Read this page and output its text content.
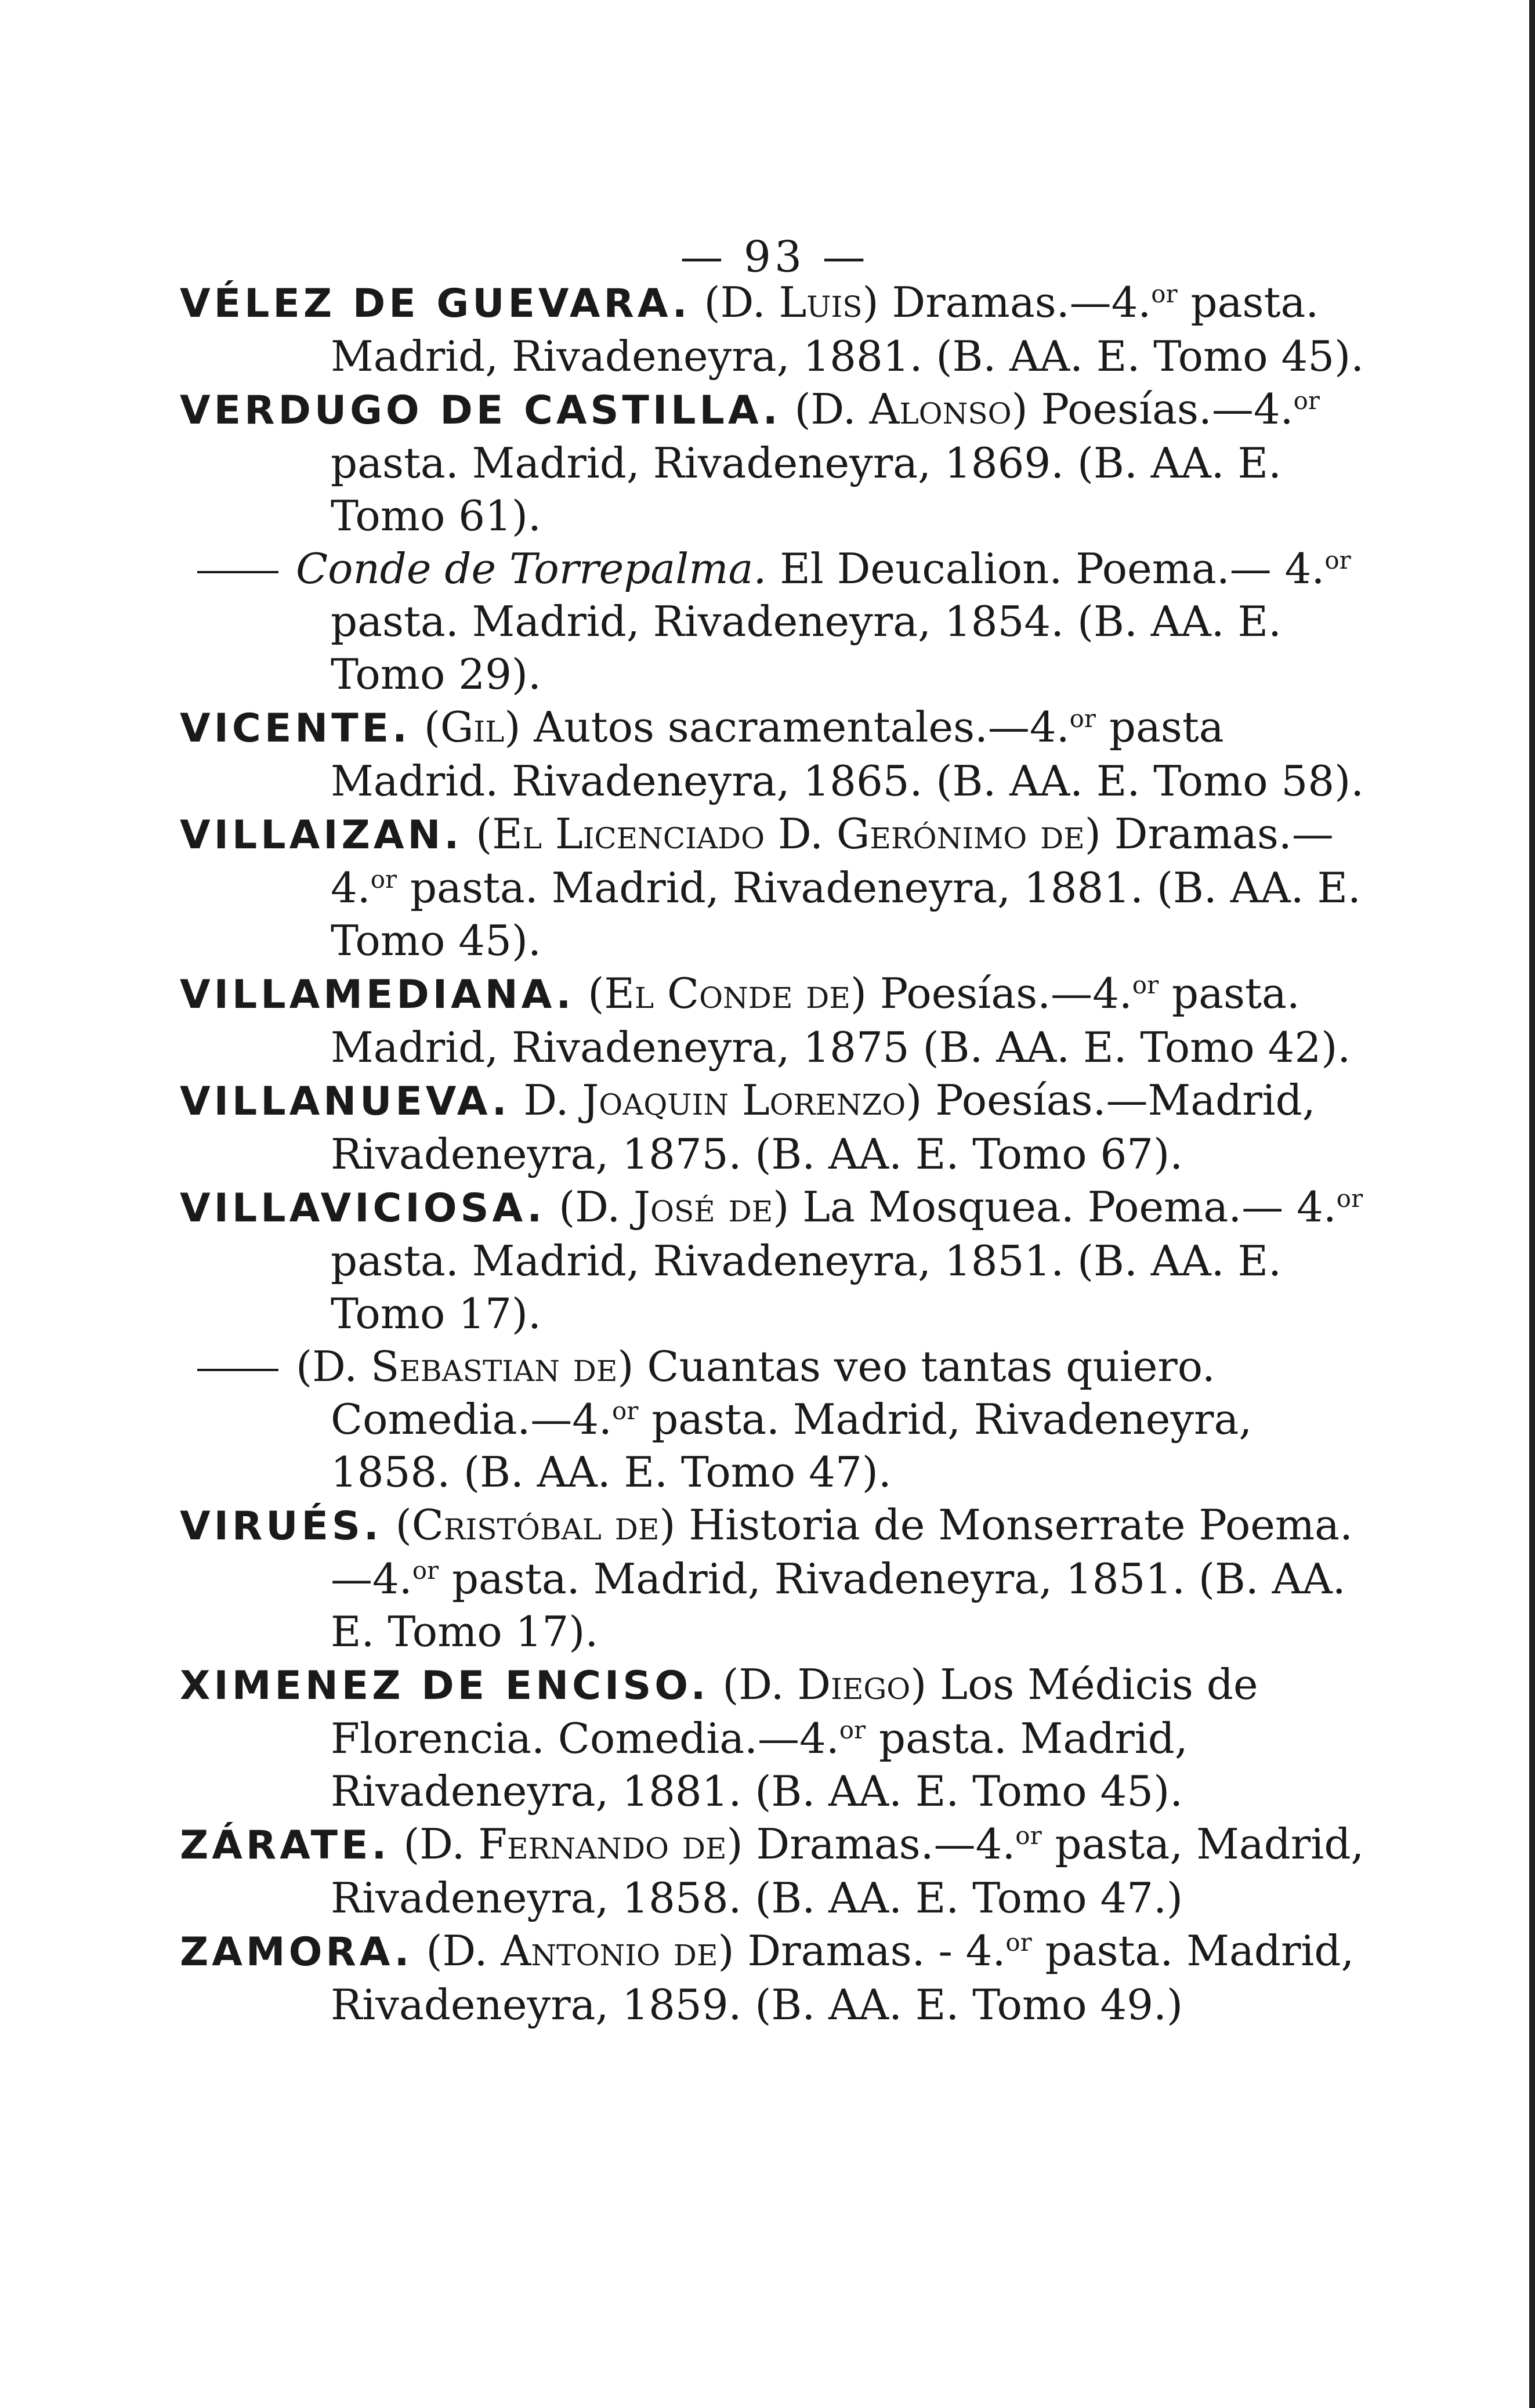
— 93 —

VÉLEZ DE GUEVARA. (D. Luis) Dramas.—4.$^{or}$ pasta. Madrid, Rivadeneyra, 1881. (B. AA. E. Tomo 45).

VERDUGO DE CASTILLA. (D. Alonso) Poesías.—4.$^{or}$ pasta. Madrid, Rivadeneyra, 1869. (B. AA. E. Tomo 61).

Conde de Torrepalma. El Deucalion. Poema.— 4.$^{or}$ pasta. Madrid, Rivadeneyra, 1854. (B. AA. E. Tomo 29).

VICENTE. (Gil) Autos sacramentales.—4.$^{or}$ pasta Madrid. Rivadeneyra, 1865. (B. AA. E. Tomo 58).

VILLAIZAN. (El Licenciado D. Gerónimo de) Dramas.—4.$^{or}$ pasta. Madrid, Rivadeneyra, 1881. (B. AA. E. Tomo 45).

VILLAMEDIANA. (El Conde de) Poesías.—4.$^{or}$ pasta. Madrid, Rivadeneyra, 1875 (B. AA. E. Tomo 42).

VILLANUEVA. D. Joaquin Lorenzo) Poesías.—Madrid, Rivadeneyra, 1875. (B. AA. E. Tomo 67).

VILLAVICIOSA. (D. José de) La Mosquea. Poema.— 4.$^{or}$ pasta. Madrid, Rivadeneyra, 1851. (B. AA. E. Tomo 17).

(D. Sebastian de) Cuantas veo tantas quiero. Comedia.—4.$^{or}$ pasta. Madrid, Rivadeneyra, 1858. (B. AA. E. Tomo 47).

VIRUÉS. (Cristóbal de) Historia de Monserrate Poema.—4.$^{or}$ pasta. Madrid, Rivadeneyra, 1851. (B. AA. E. Tomo 17).

XIMENEZ DE ENCISO. (D. Diego) Los Médicis de Florencia. Comedia.—4.$^{or}$ pasta. Madrid, Rivadeneyra, 1881. (B. AA. E. Tomo 45).

ZÁRATE. (D. Fernando de) Dramas.—4.$^{or}$ pasta, Madrid, Rivadeneyra, 1858. (B. AA. E. Tomo 47.)

ZAMORA. (D. Antonio de) Dramas. - 4.$^{or}$ pasta. Madrid, Rivadeneyra, 1859. (B. AA. E. Tomo 49.)
